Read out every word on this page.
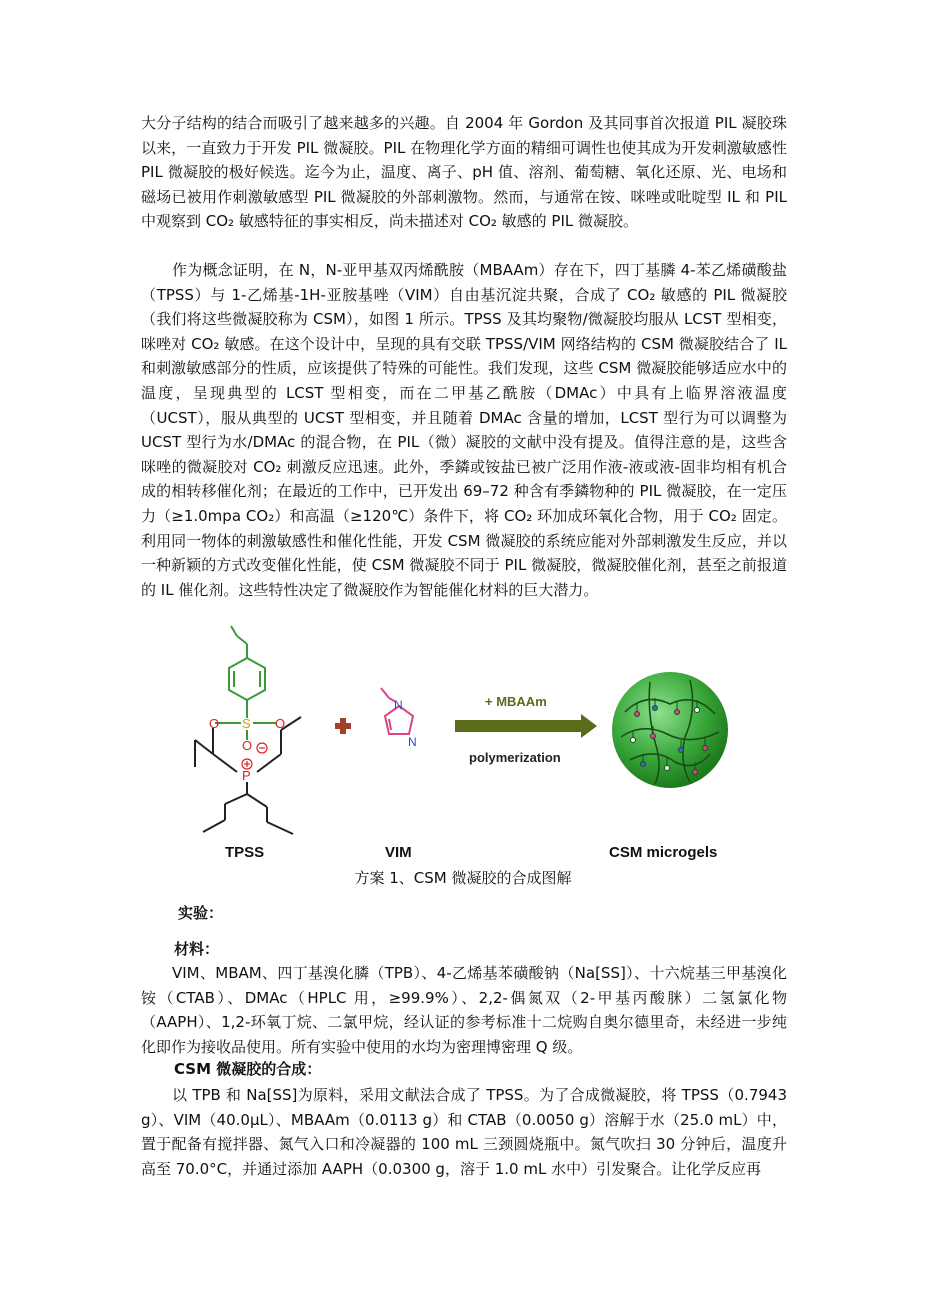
大分子结构的结合而吸引了越来越多的兴趣。自 2004 年 Gordon 及其同事首次报道 PIL 凝胶珠以来，一直致力于开发 PIL 微凝胶。PIL 在物理化学方面的精细可调性也使其成为开发刺激敏感性 PIL 微凝胶的极好候选。迄今为止，温度、离子、pH 值、溶剂、葡萄糖、氧化还原、光、电场和磁场已被用作刺激敏感型 PIL 微凝胶的外部刺激物。然而，与通常在铵、咪唑或吡啶型 IL 和 PIL 中观察到 CO₂ 敏感特征的事实相反，尚未描述对 CO₂ 敏感的 PIL 微凝胶。

作为概念证明，在 N，N-亚甲基双丙烯酰胺（MBAAm）存在下，四丁基膦 4-苯乙烯磺酸盐（TPSS）与 1-乙烯基-1H-亚胺基唑（VIM）自由基沉淀共聚，合成了 CO₂ 敏感的 PIL 微凝胶（我们将这些微凝胶称为 CSM），如图 1 所示。TPSS 及其均聚物/微凝胶均服从 LCST 型相变，咪唑对 CO₂ 敏感。在这个设计中，呈现的具有交联 TPSS/VIM 网络结构的 CSM 微凝胶结合了 IL 和刺激敏感部分的性质，应该提供了特殊的可能性。我们发现，这些 CSM 微凝胶能够适应水中的温度，呈现典型的 LCST 型相变，而在二甲基乙酰胺（DMAc）中具有上临界溶液温度（UCST），服从典型的 UCST 型相变，并且随着 DMAc 含量的增加，LCST 型行为可以调整为 UCST 型行为水/DMAc 的混合物，在 PIL（微）凝胶的文献中没有提及。值得注意的是，这些含咪唑的微凝胶对 CO₂ 刺激反应迅速。此外，季鏻或铵盐已被广泛用作液-液或液-固非均相有机合成的相转移催化剂；在最近的工作中，已开发出 69–72 种含有季鏻物种的 PIL 微凝胶，在一定压力（≥1.0mpa CO₂）和高温（≥120℃）条件下，将 CO₂ 环加成环氧化合物，用于 CO₂ 固定。利用同一物体的刺激敏感性和催化性能，开发 CSM 微凝胶的系统应能对外部刺激发生反应，并以一种新颖的方式改变催化性能，使 CSM 微凝胶不同于 PIL 微凝胶，微凝胶催化剂，甚至之前报道的 IL 催化剂。这些特性决定了微凝胶作为智能催化材料的巨大潜力。

O S O
O
P
TPSS
N
N
VIM
+ MBAAm
polymerization
CSM microgels
方案 1、CSM 微凝胶的合成图解
实验：
材料：

VIM、MBAM、四丁基溴化膦（TPB）、4-乙烯基苯磺酸钠（Na[SS]）、十六烷基三甲基溴化铵（CTAB）、DMAc（HPLC 用，≥99.9%）、2,2-偶氮双（2-甲基丙酸脒）二氢氯化物（AAPH）、1,2-环氧丁烷、二氯甲烷，经认证的参考标准十二烷购自奥尔德里奇，未经进一步纯化即作为接收品使用。所有实验中使用的水均为密理博密理 Q 级。

CSM 微凝胶的合成：

以 TPB 和 Na[SS]为原料，采用文献法合成了 TPSS。为了合成微凝胶，将 TPSS（0.7943 g）、VIM（40.0μL）、MBAAm（0.0113 g）和 CTAB（0.0050 g）溶解于水（25.0 mL）中，置于配备有搅拌器、氮气入口和冷凝器的 100 mL 三颈圆烧瓶中。氮气吹扫 30 分钟后，温度升高至 70.0°C，并通过添加 AAPH（0.0300 g，溶于 1.0 mL 水中）引发聚合。让化学反应再
